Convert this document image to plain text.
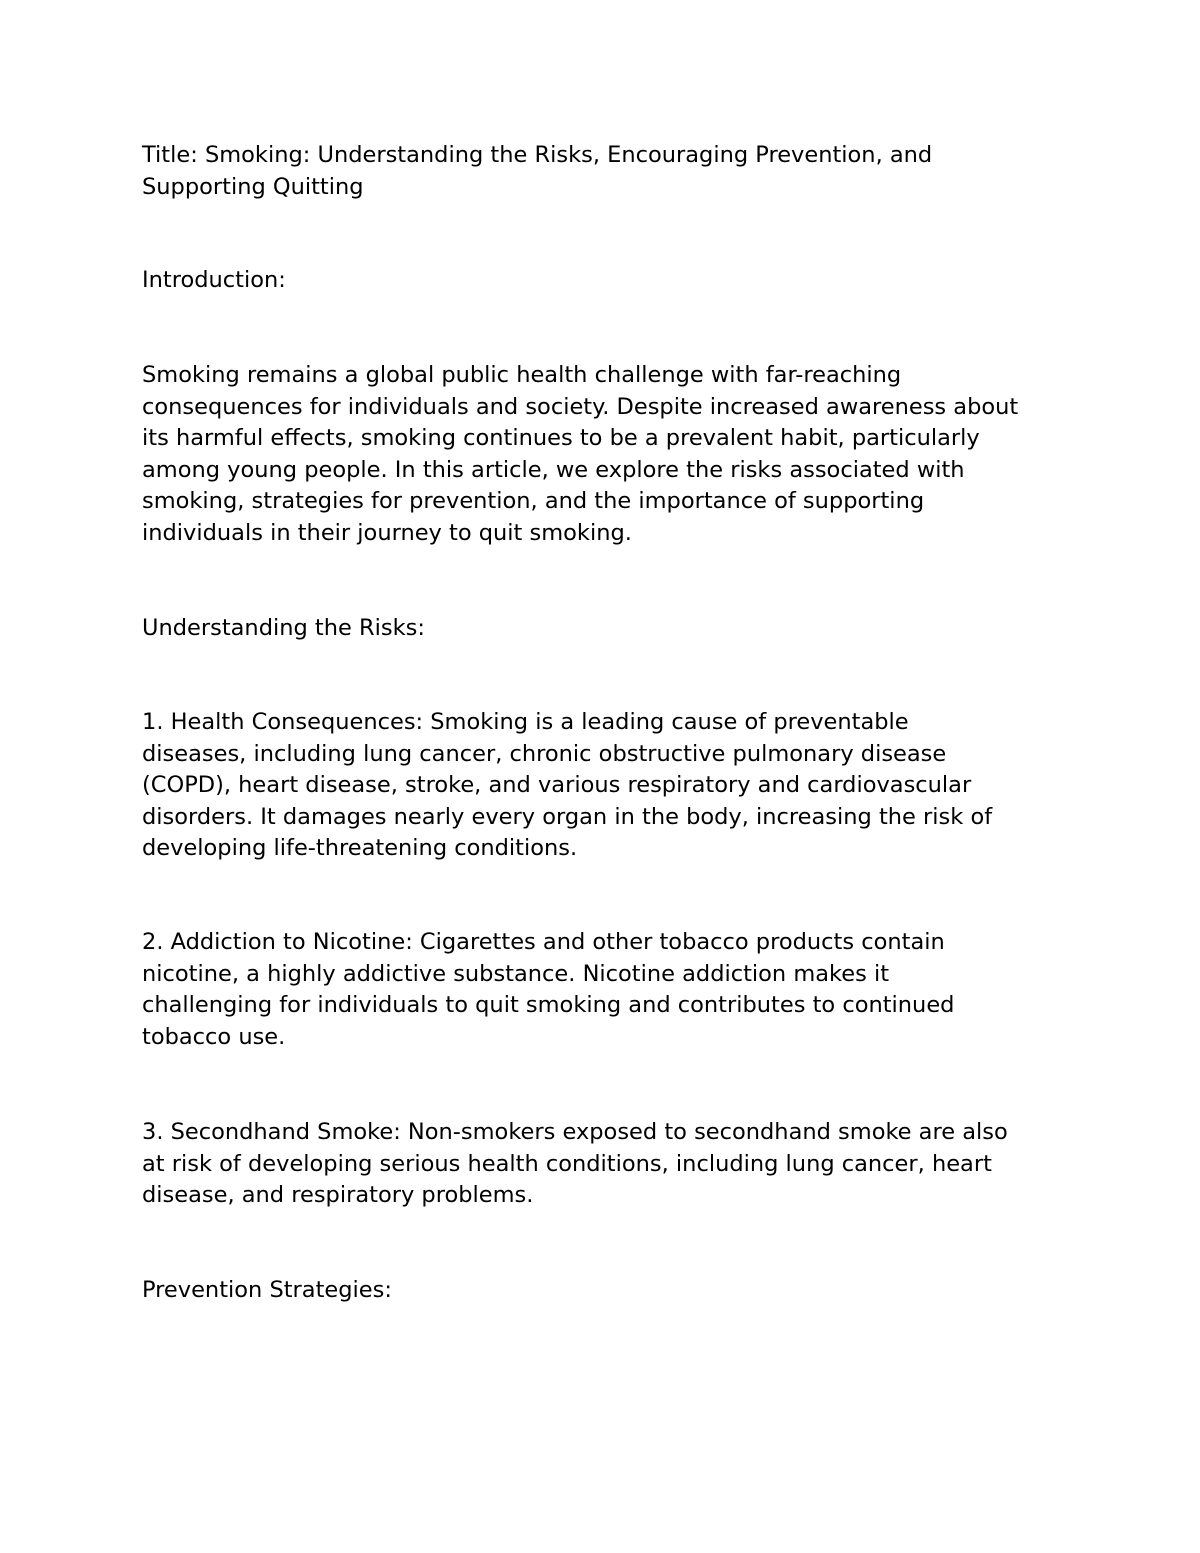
Title: Smoking: Understanding the Risks, Encouraging Prevention, and
Supporting Quitting
Introduction:
Smoking remains a global public health challenge with far-reaching
consequences for individuals and society. Despite increased awareness about
its harmful effects, smoking continues to be a prevalent habit, particularly
among young people. In this article, we explore the risks associated with
smoking, strategies for prevention, and the importance of supporting
individuals in their journey to quit smoking.
Understanding the Risks:
1. Health Consequences: Smoking is a leading cause of preventable
diseases, including lung cancer, chronic obstructive pulmonary disease
(COPD), heart disease, stroke, and various respiratory and cardiovascular
disorders. It damages nearly every organ in the body, increasing the risk of
developing life-threatening conditions.
2. Addiction to Nicotine: Cigarettes and other tobacco products contain
nicotine, a highly addictive substance. Nicotine addiction makes it
challenging for individuals to quit smoking and contributes to continued
tobacco use.
3. Secondhand Smoke: Non-smokers exposed to secondhand smoke are also
at risk of developing serious health conditions, including lung cancer, heart
disease, and respiratory problems.
Prevention Strategies:
